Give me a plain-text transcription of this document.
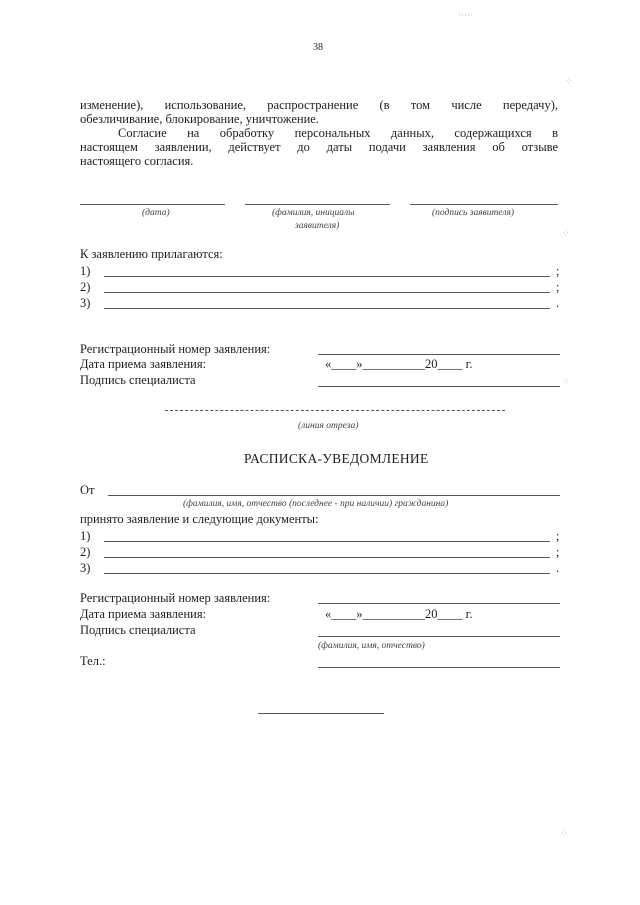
38
изменение), использование, распространение (в том числе передачу),
обезличивание, блокирование, уничтожение.
Согласие на обработку персональных данных, содержащихся в
настоящем заявлении, действует до даты подачи заявления об отзыве
настоящего согласия.
(дата)	(фамилия, инициалы
заявителя)
(подпись заявителя)
К заявлению прилагаются:
1)	;
2)	;
3)	.
Регистрационный номер заявления:
Дата приема заявления:	«____»__________20____ г.
Подпись специалиста
(линия отреза)
РАСПИСКА-УВЕДОМЛЕНИЕ
От
(фамилия, имя, отчество (последнее - при наличии) гражданина)
принято заявление и следующие документы:
1)	;
2)	;
3)	.
Регистрационный номер заявления:
Дата приема заявления:	«____»__________20____ г.
Подпись специалиста
(фамилия, имя, отчество)
Тел.:
⁘
⁘
⁘
⁘
·····
